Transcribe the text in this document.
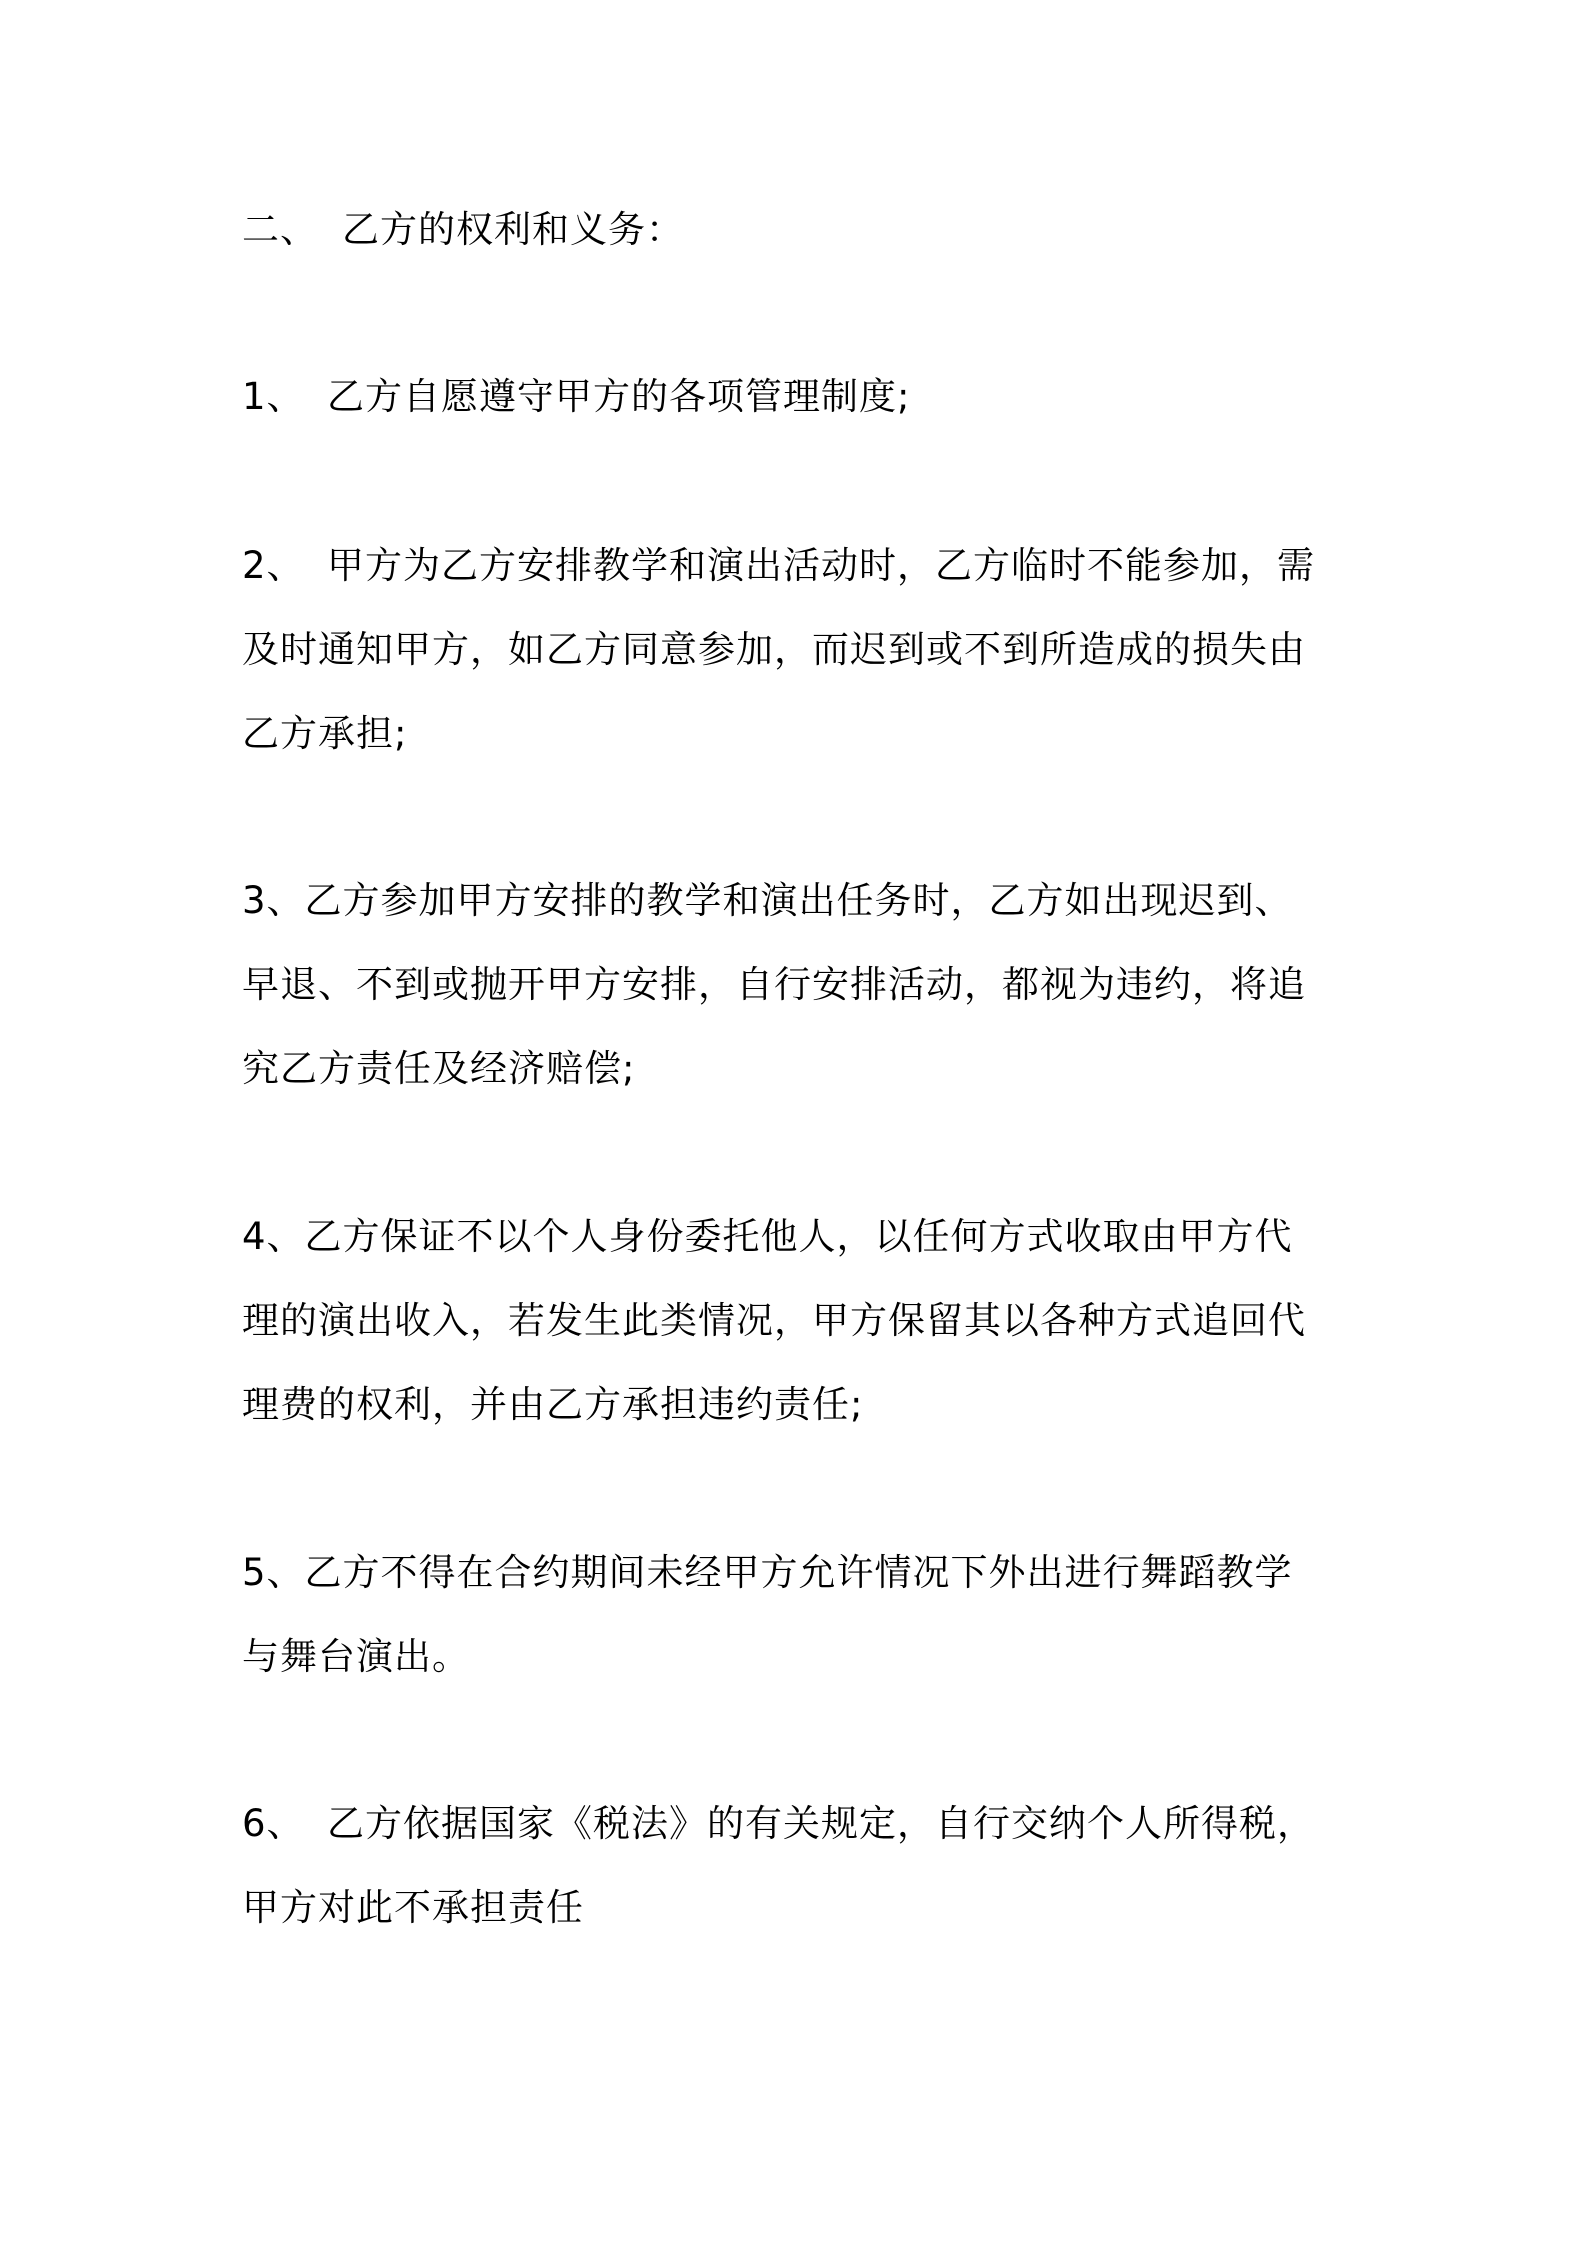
二、 乙方的权利和义务：
1、 乙方自愿遵守甲方的各项管理制度;
2、 甲方为乙方安排教学和演出活动时，乙方临时不能参加，需
及时通知甲方，如乙方同意参加，而迟到或不到所造成的损失由
乙方承担;
3、乙方参加甲方安排的教学和演出任务时，乙方如出现迟到、
早退、不到或抛开甲方安排，自行安排活动，都视为违约，将追
究乙方责任及经济赔偿;
4、乙方保证不以个人身份委托他人，以任何方式收取由甲方代
理的演出收入，若发生此类情况，甲方保留其以各种方式追回代
理费的权利，并由乙方承担违约责任;
5、乙方不得在合约期间未经甲方允许情况下外出进行舞蹈教学
与舞台演出。
6、 乙方依据国家《税法》的有关规定，自行交纳个人所得税，
甲方对此不承担责任
